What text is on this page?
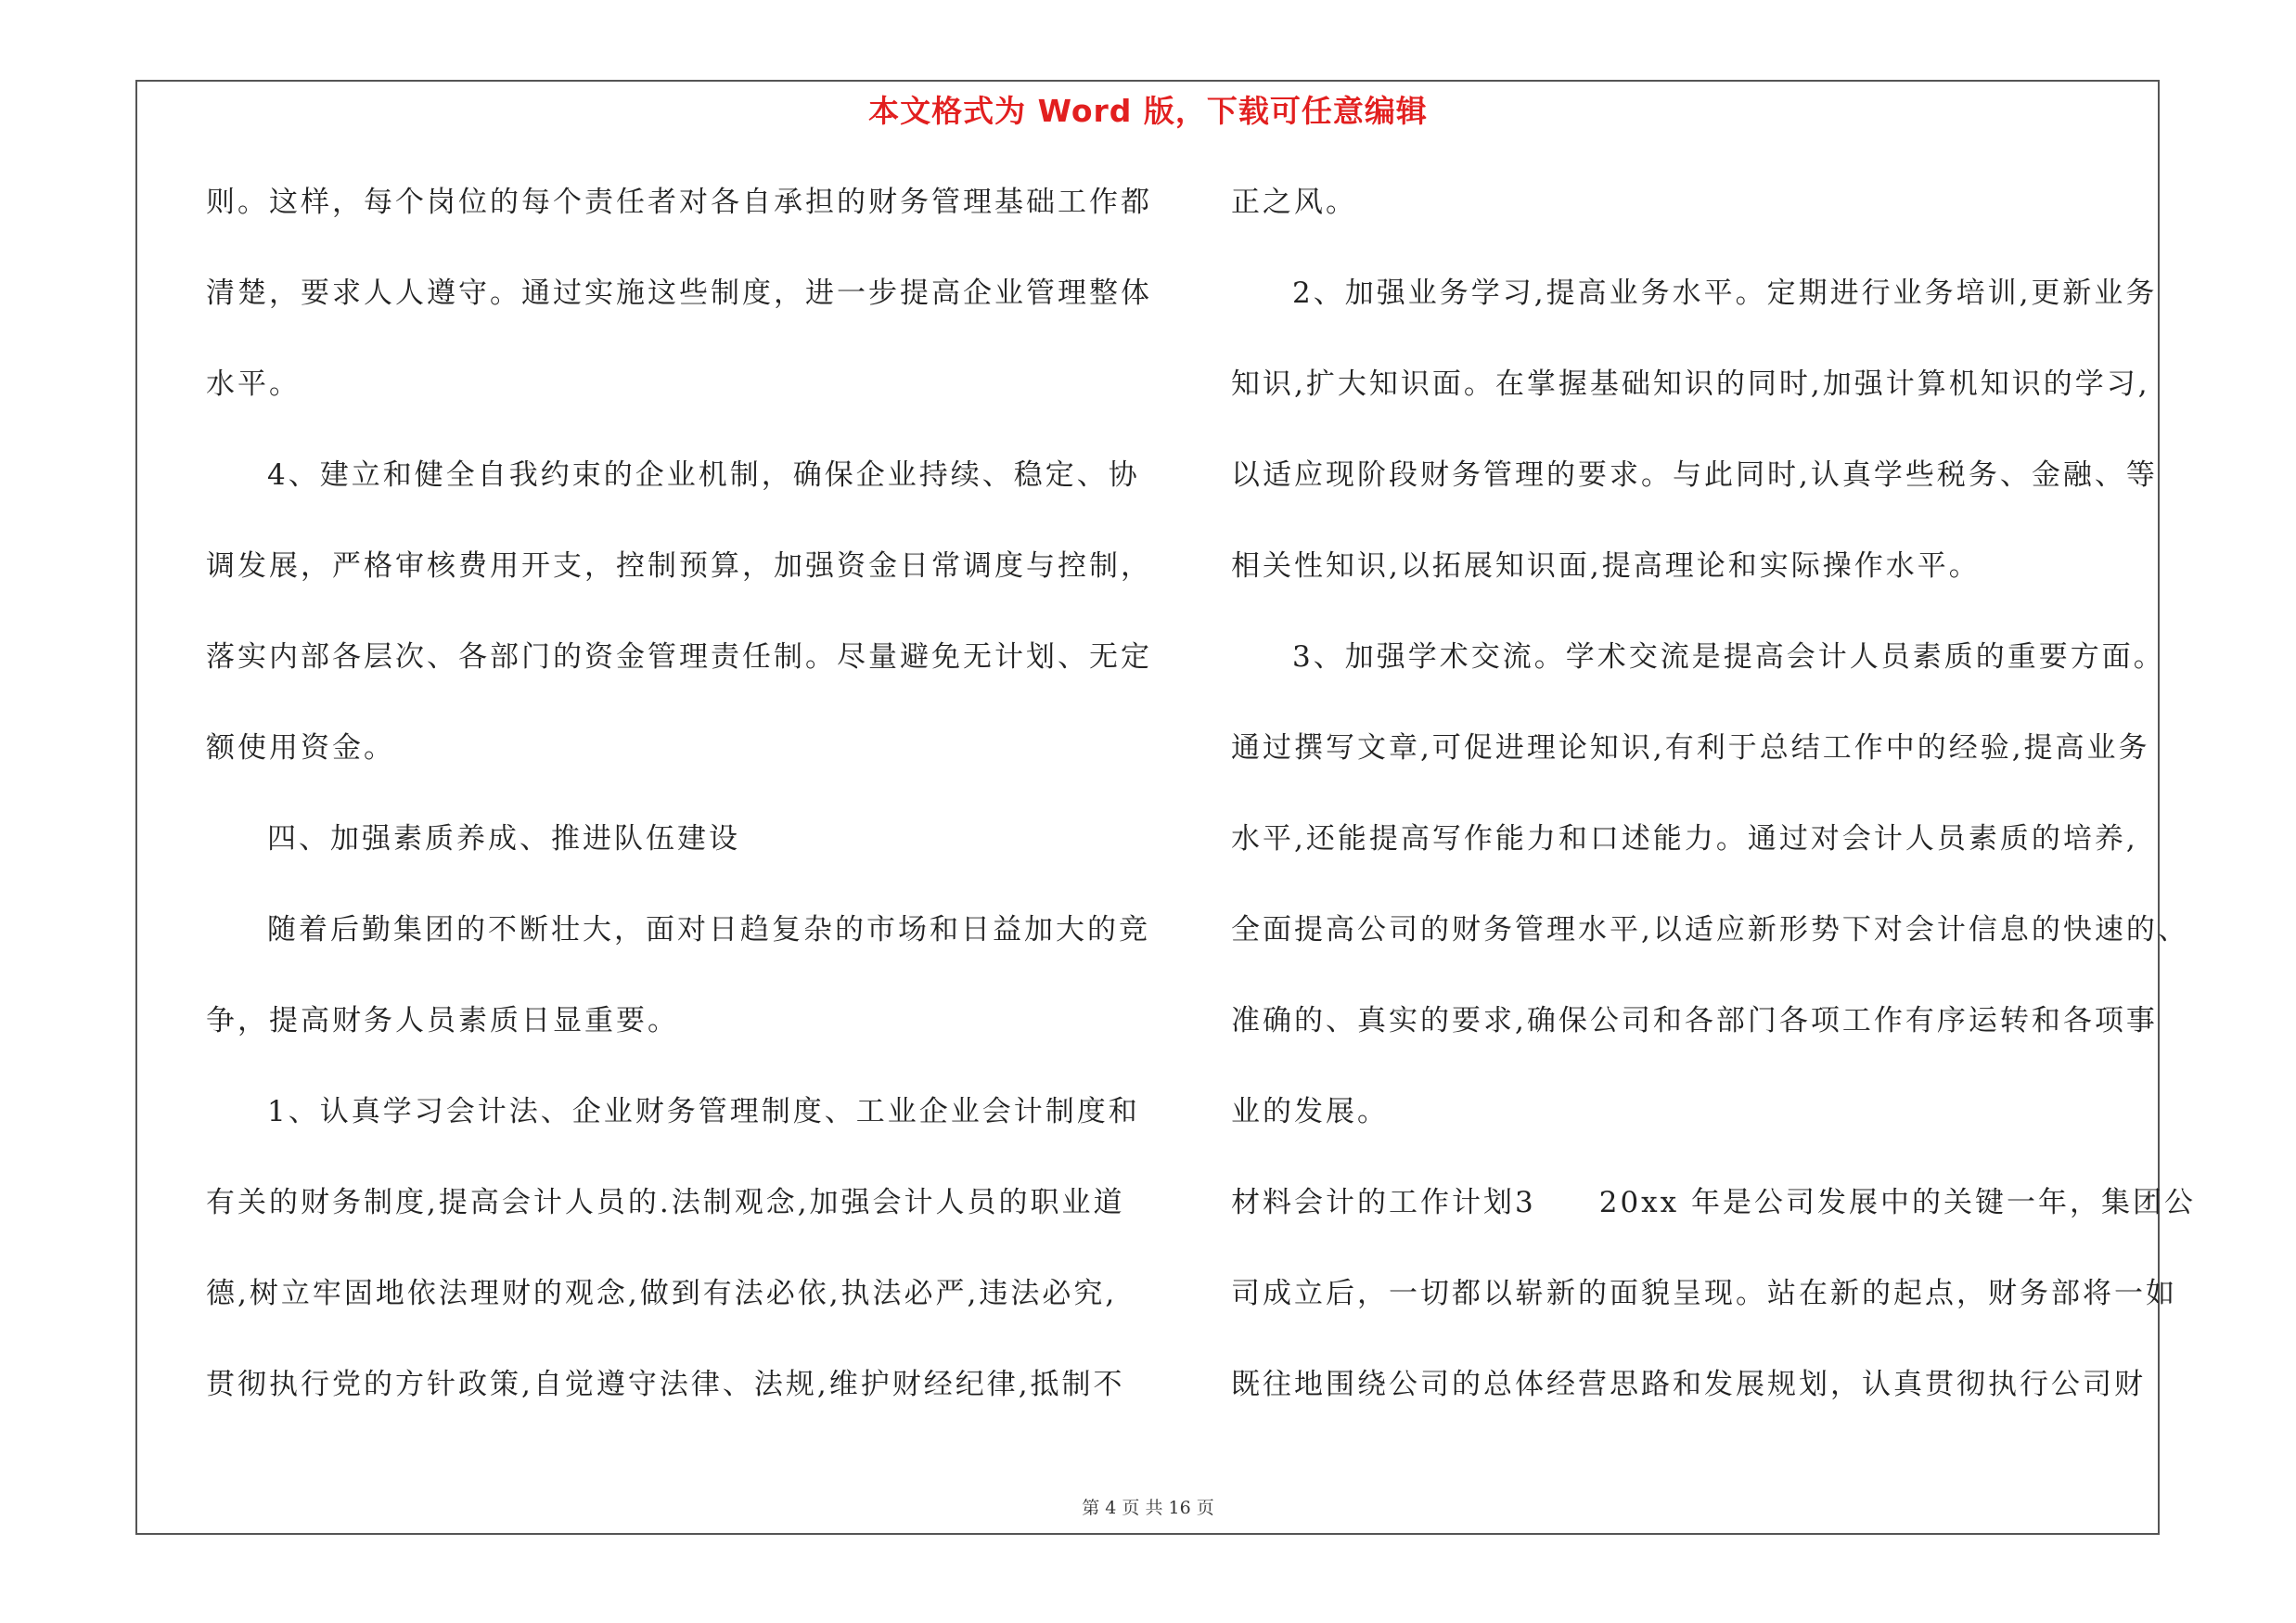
本文格式为 Word 版，下载可任意编辑
则。这样，每个岗位的每个责任者对各自承担的财务管理基础工作都
清楚，要求人人遵守。通过实施这些制度，进一步提高企业管理整体
水平。
4、建立和健全自我约束的企业机制，确保企业持续、稳定、协
调发展，严格审核费用开支，控制预算，加强资金日常调度与控制，
落实内部各层次、各部门的资金管理责任制。尽量避免无计划、无定
额使用资金。
四、加强素质养成、推进队伍建设
随着后勤集团的不断壮大，面对日趋复杂的市场和日益加大的竞
争，提高财务人员素质日显重要。
1、认真学习会计法、企业财务管理制度、工业企业会计制度和
有关的财务制度,提高会计人员的.法制观念,加强会计人员的职业道
德,树立牢固地依法理财的观念,做到有法必依,执法必严,违法必究,
贯彻执行党的方针政策,自觉遵守法律、法规,维护财经纪律,抵制不
正之风。
2、加强业务学习,提高业务水平。定期进行业务培训,更新业务
知识,扩大知识面。在掌握基础知识的同时,加强计算机知识的学习,
以适应现阶段财务管理的要求。与此同时,认真学些税务、金融、等
相关性知识,以拓展知识面,提高理论和实际操作水平。
3、加强学术交流。学术交流是提高会计人员素质的重要方面。
通过撰写文章,可促进理论知识,有利于总结工作中的经验,提高业务
水平,还能提高写作能力和口述能力。通过对会计人员素质的培养,
全面提高公司的财务管理水平,以适应新形势下对会计信息的快速的、
准确的、真实的要求,确保公司和各部门各项工作有序运转和各项事
业的发展。
材料会计的工作计划3　　20xx 年是公司发展中的关键一年，集团公
司成立后，一切都以崭新的面貌呈现。站在新的起点，财务部将一如
既往地围绕公司的总体经营思路和发展规划，认真贯彻执行公司财
第 4 页 共 16 页
